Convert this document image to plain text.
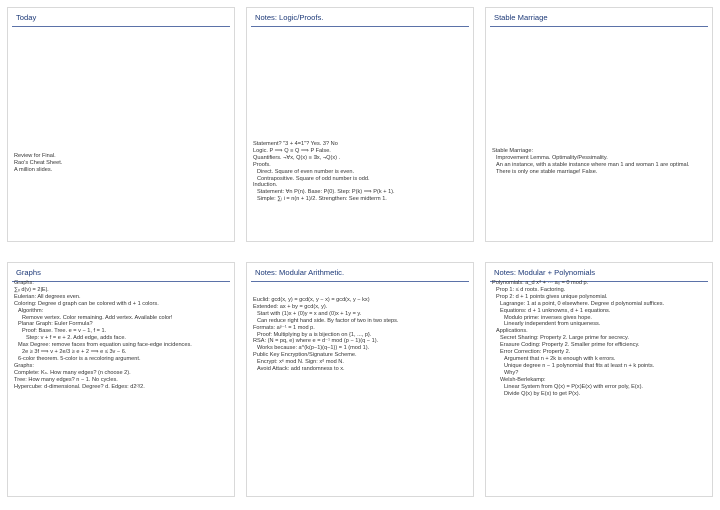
Today
Review for Final.
Rao's Cheat Sheet.
A million slides.
Notes: Logic/Proofs.
Statement? "3 + 4=1"? Yes. 3? No
Logic. P ⟹ Q ≡ Q ⟹ P False.
Quantifiers. ¬∀x, Q(x) ≡ ∃x, ¬Q(x) .
Proofs.
Direct. Square of even number is even.
Contrapositive. Square of odd number is odd.
Induction.
Statement: ∀n P(n). Base: P(0). Step: P(k) ⟹ P(k + 1).
Simple: ∑ᵢ i = n(n + 1)/2. Strengthen: See midterm 1.
Stable Marriage
Stable Marriage:
Improvement Lemma. Optimality/Pessimality.
An an instance, with a stable instance where man 1 and woman 1 are optimal.
There is only one stable marriage! False.
Graphs
Graphs:
∑ᵥ d(v) = 2|E|.
Eulerian: All degrees even.
Coloring: Degree d graph can be colored with d + 1 colors.
Algorithm:
Remove vertex. Color remaining. Add vertex. Available color!
Planar Graph: Euler Formula?
Proof: Base. Tree. e = v − 1, f = 1.
Step: v + f = e + 2. Add edge, adds face.
Max Degree: remove faces from equation using face-edge incidences.
2e ≥ 3f ⟹ v + 2e/3 ≥ e + 2 ⟹ e ≤ 3v − 6.
6-color theorem. 5-color is a recoloring argument.
Graphs:
Complete: Kₙ. How many edges? (n choose 2).
Tree: How many edges? n − 1. No cycles.
Hypercube: d-dimensional. Degree? d. Edges: d2ᵈ/2.
Notes: Modular Arithmetic.
Euclid: gcd(x, y) = gcd(x, y − x) = gcd(x, y − kx)
Extended: ax + by = gcd(x, y).
Start with (1)x + (0)y = x and (0)x + 1y = y.
Can reduce right hand side. By factor of two in two steps.
Formats: aᵖ⁻¹ = 1 mod p.
Proof: Multiplying by a is bijection on {1, ..., p}.
RSA: (N = pq, e) where e = d⁻¹ mod (p − 1)(q − 1).
Works because: a^(k(p−1)(q−1)) = 1 (mod 1).
Public Key Encryption/Signature Scheme.
Encrypt: xᵉ mod N. Sign: xᵈ mod N.
Avoid Attack: add randomness to x.
Notes: Modular + Polynomials
Polynomials: a_d xᵈ + ··· a₀ = 0 mod p.
Prop 1: ≤ d roots. Factoring.
Prop 2: d + 1 points gives unique polynomial.
Lagrange: 1 at a point, 0 elsewhere. Degree d polynomial suffices.
Equations: d + 1 unknowns, d + 1 equations.
Modulo prime: inverses gives hope.
Linearly independent from uniqueness.
Applications.
Secret Sharing: Property 2. Large prime for secrecy.
Erasure Coding: Property 2. Smaller prime for efficiency.
Error Correction: Property 2.
Argument that n + 2k is enough with k errors.
Unique degree n − 1 polynomial that fits at least n + k points.
Why?
Welsh-Berlekamp:
Linear System from Q(x) = P(x)E(x) with error poly, E(x).
Divide Q(x) by E(x) to get P(x).
